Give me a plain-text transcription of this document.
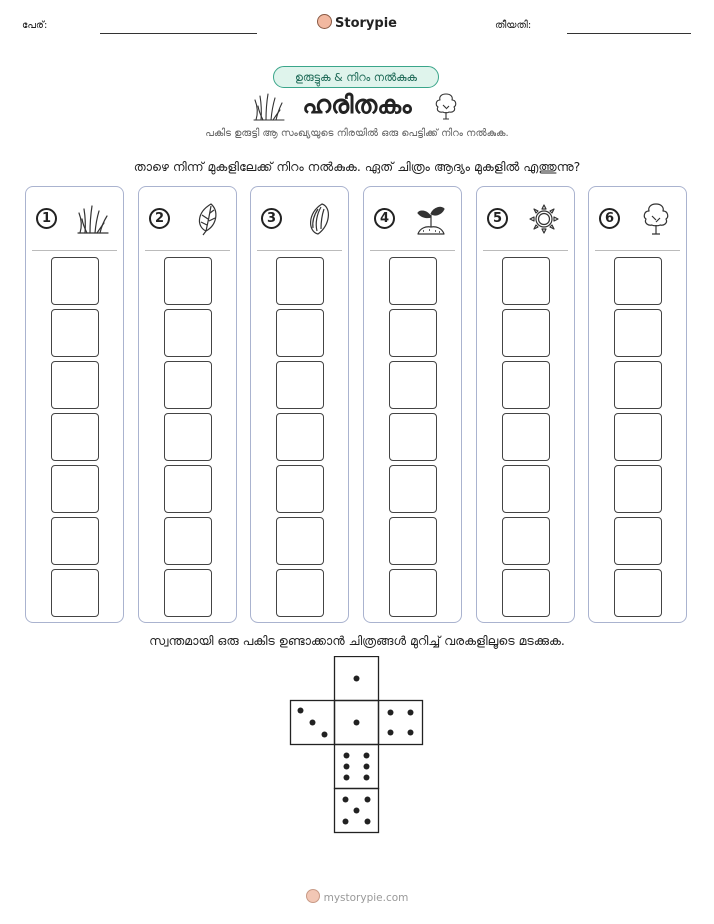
പേര്:	Storypie	തീയതി:
ഉരുട്ടുക & നിറം നൽകുക
ഹരിതകം
പകിട ഉരുട്ടി ആ സംഖ്യയുടെ നിരയിൽ ഒരു പെട്ടിക്ക് നിറം നൽകുക.
താഴെ നിന്ന് മുകളിലേക്ക് നിറം നൽകുക. ഏത് ചിത്രം ആദ്യം മുകളിൽ എത്തുന്നു?
1	2	3	4	5	6
സ്വന്തമായി ഒരു പകിട ഉണ്ടാക്കാൻ ചിത്രങ്ങൾ മുറിച്ച് വരകളിലൂടെ മടക്കുക.
mystorypie.com
